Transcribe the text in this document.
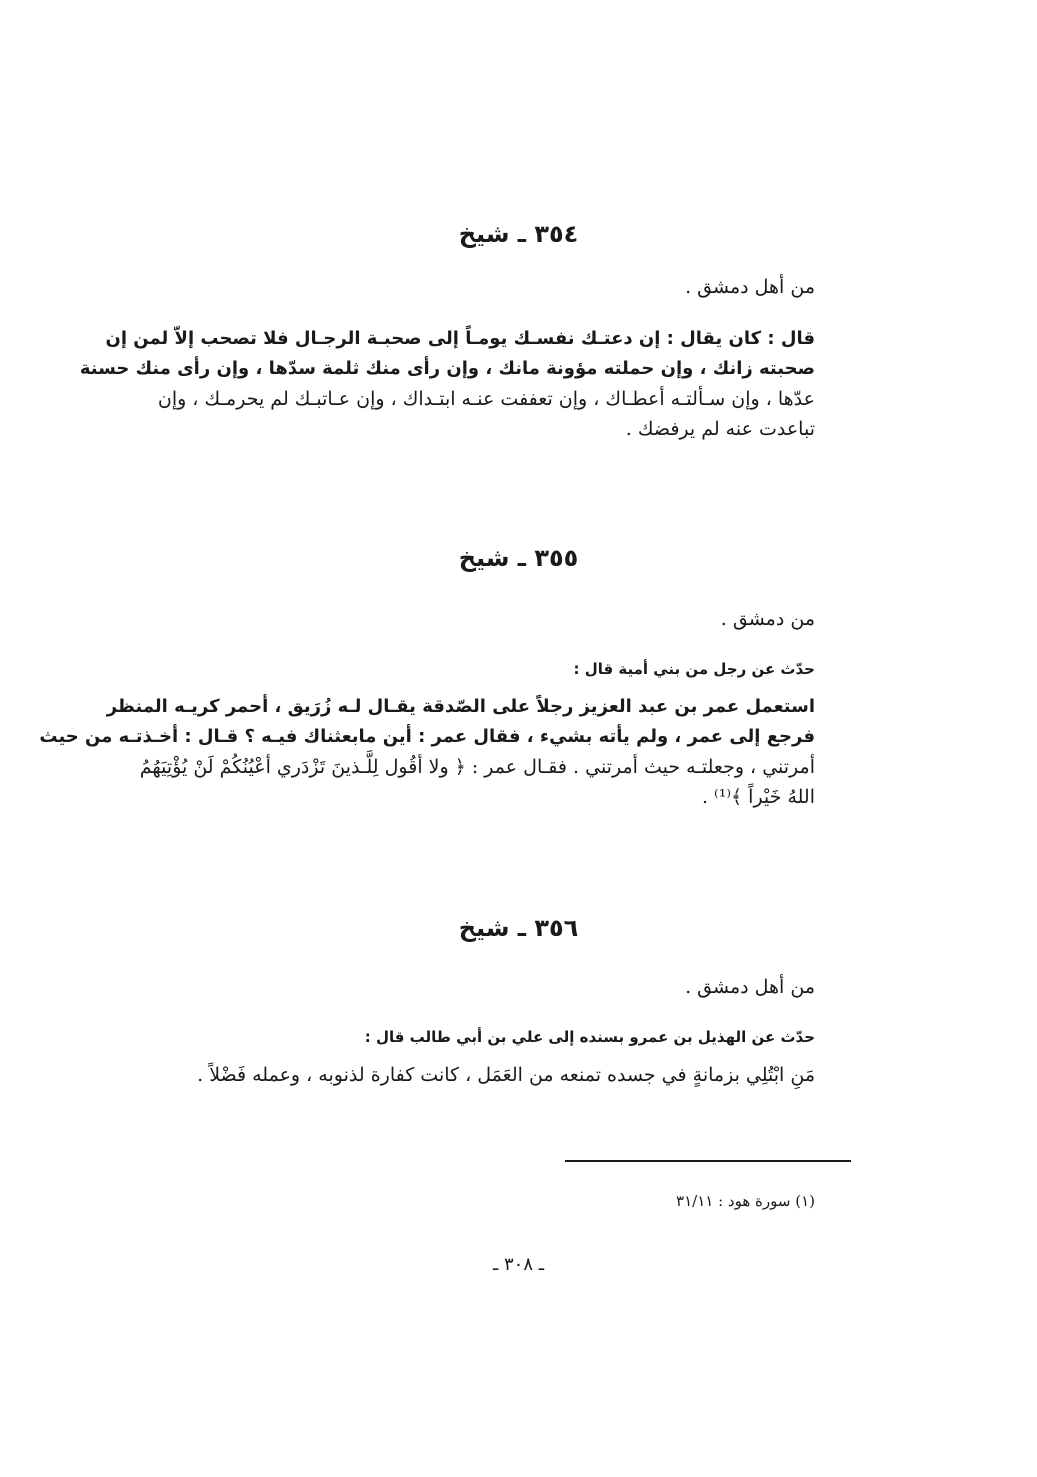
٣٥٤ ـ شيخ
من أهل دمشق .
قال : كان يقال : إن دعتـك نفسـك يومـاً إلى صحبـة الرجـال فلا تصحب إلاّ لمن إن
صحبته زانك ، وإن حملته مؤونة مانك ، وإن رأى منك ثلمة سدّها ، وإن رأى منك حسنة
عدّها ، وإن سـألتـه أعطـاك ، وإن تعففت عنـه ابتـداك ، وإن عـاتبـك لم يحرمـك ، وإن
تباعدت عنه لم يرفضك .
٣٥٥ ـ شيخ
من دمشق .
حدّث عن رجل من بني أمية قال :
استعمل عمر بن عبد العزيز رجلاً على الصّدقة يقـال لـه زُرَيق ، أحمر كريـه المنظر
فرجع إلى عمر ، ولم يأته بشيء ، فقال عمر : أين مابعثناك فيـه ؟ قـال : أخـذتـه من حيث
أمرتني ، وجعلتـه حيث أمرتني . فقـال عمر : ﴿ ولا أقُول لِلَّـذينَ تَزْدَري أعْيُنُكُمْ لَنْ يُؤْتِيَهُمُ
اللهُ خَيْراً ﴾⁽¹⁾ .
٣٥٦ ـ شيخ
من أهل دمشق .
حدّث عن الهذيل بن عمرو بسنده إلى علي بن أبي طالب قال :
مَنِ ابْتُلِي بزمانةٍ في جسده تمنعه من العَمَل ، كانت كفارة لذنوبه ، وعمله فَضْلاً .
(١) سورة هود : ٣١/١١
ـ ٣٠٨ ـ
